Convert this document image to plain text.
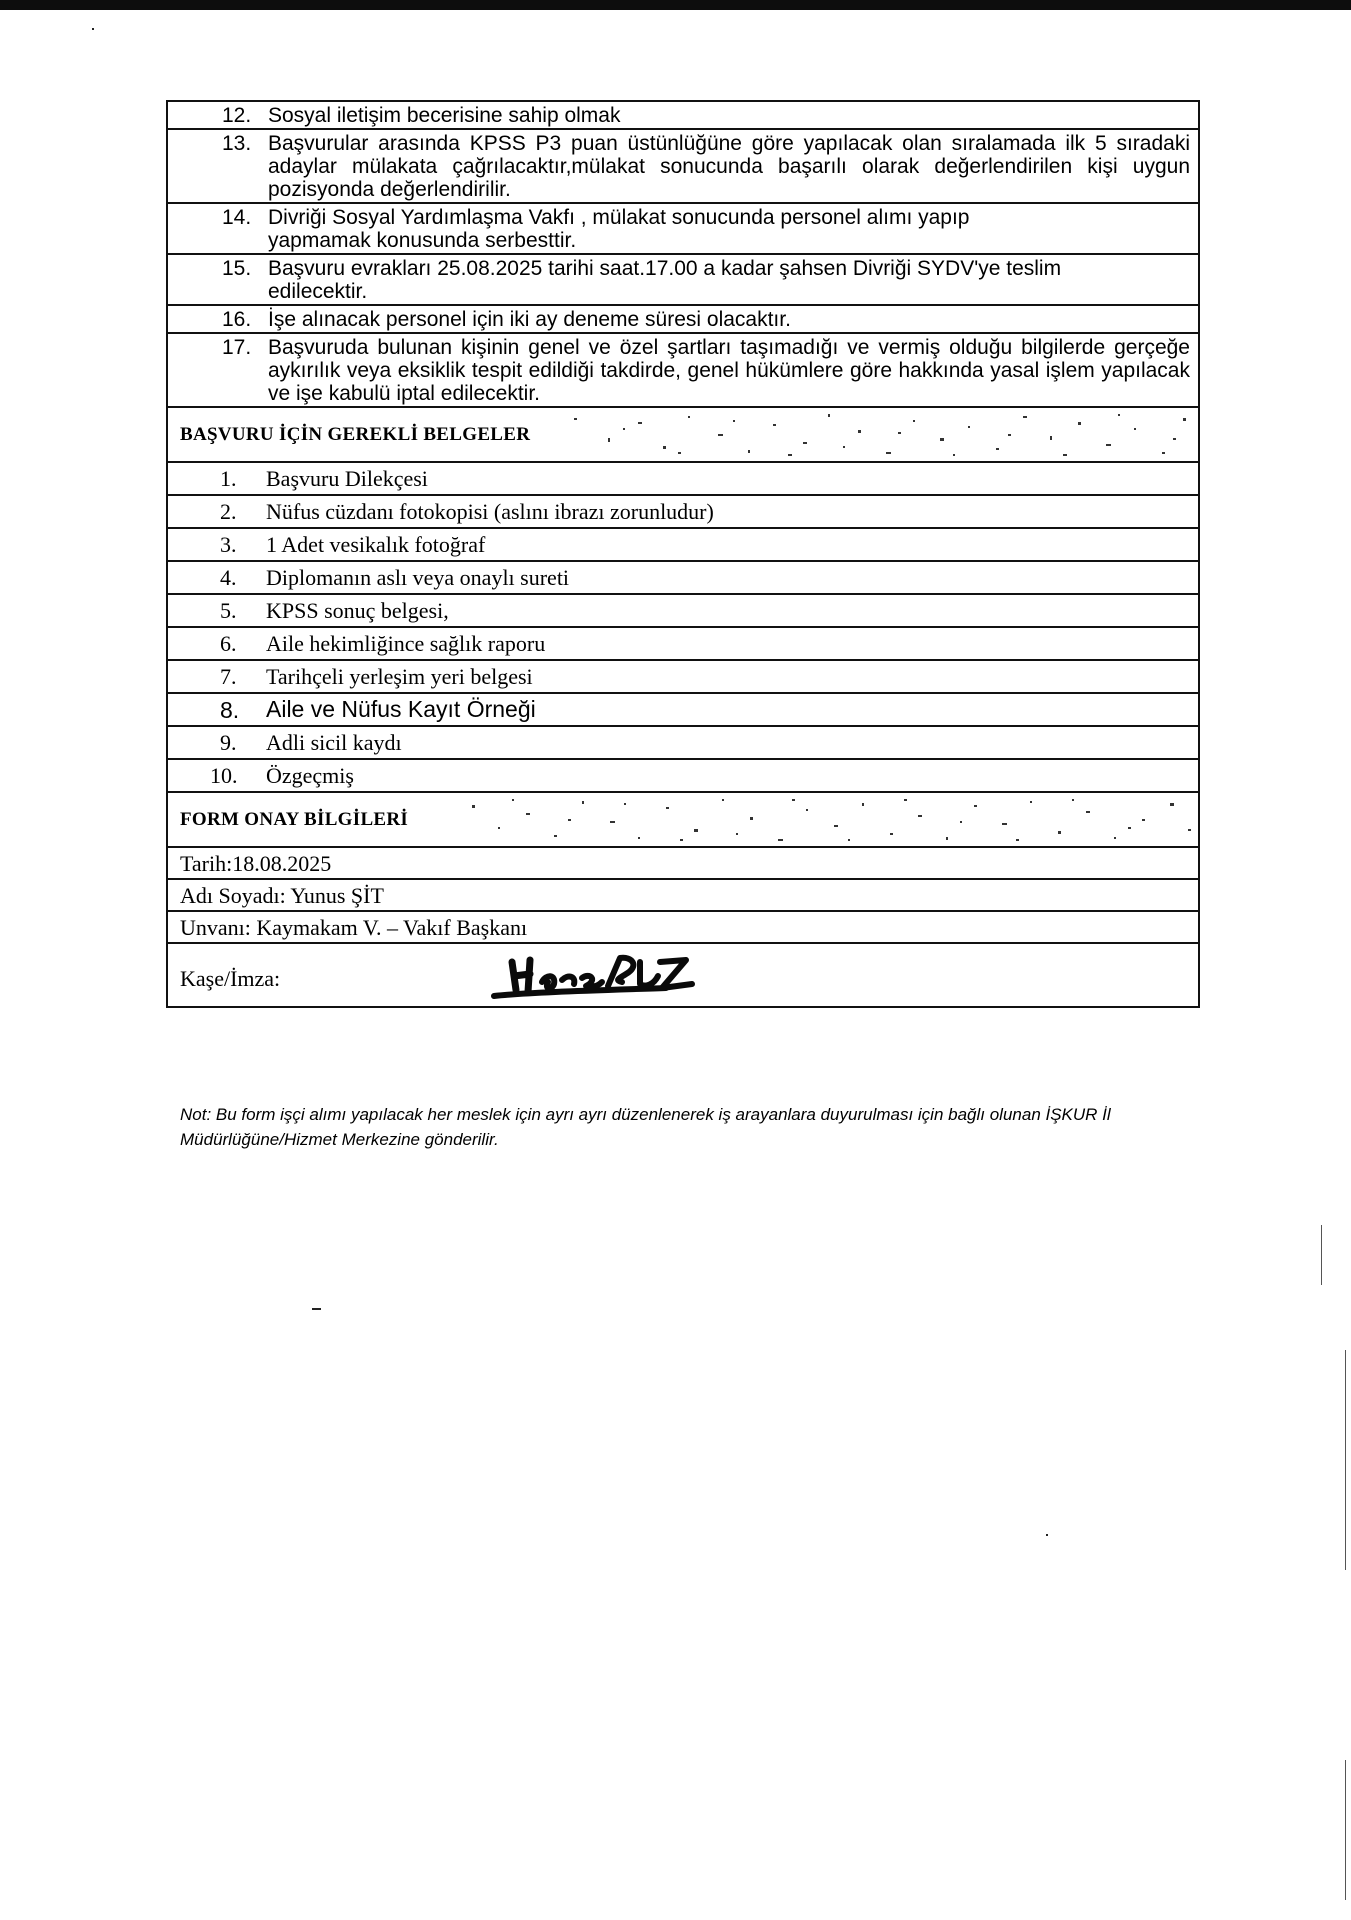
12. Sosyal iletişim becerisine sahip olmak

13. Başvurular arasında KPSS P3 puan üstünlüğüne göre yapılacak olan sıralamada ilk 5 sıradaki adaylar mülakata çağrılacaktır,mülakat sonucunda başarılı olarak değerlendirilen kişi uygun pozisyonda değerlendirilir.

14. Divriği Sosyal Yardımlaşma Vakfı , mülakat sonucunda personel alımı yapıp yapmamak konusunda serbesttir.

15. Başvuru evrakları 25.08.2025 tarihi saat.17.00 a kadar şahsen Divriği SYDV'ye teslim edilecektir.

16. İşe alınacak personel için iki ay deneme süresi olacaktır.

17. Başvuruda bulunan kişinin genel ve özel şartları taşımadığı ve vermiş olduğu bilgilerde gerçeğe aykırılık veya eksiklik tespit edildiği takdirde, genel hükümlere göre hakkında yasal işlem yapılacak ve işe kabulü iptal edilecektir.

BAŞVURU İÇİN GEREKLİ BELGELER

1. Başvuru Dilekçesi

2. Nüfus cüzdanı fotokopisi (aslını ibrazı zorunludur)

3. 1 Adet vesikalık fotoğraf

4. Diplomanın aslı veya onaylı sureti

5. KPSS sonuç belgesi,

6. Aile hekimliğince sağlık raporu

7. Tarihçeli yerleşim yeri belgesi

8. Aile ve Nüfus Kayıt Örneği

9. Adli sicil kaydı

10. Özgeçmiş

FORM ONAY BİLGİLERİ

Tarih:18.08.2025

Adı Soyadı: Yunus ŞİT

Unvanı: Kaymakam V. – Vakıf Başkanı

Kaşe/İmza:
Not: Bu form işçi alımı yapılacak her meslek için ayrı ayrı düzenlenerek iş arayanlara duyurulması için bağlı olunan İŞKUR İl Müdürlüğüne/Hizmet Merkezine gönderilir.
